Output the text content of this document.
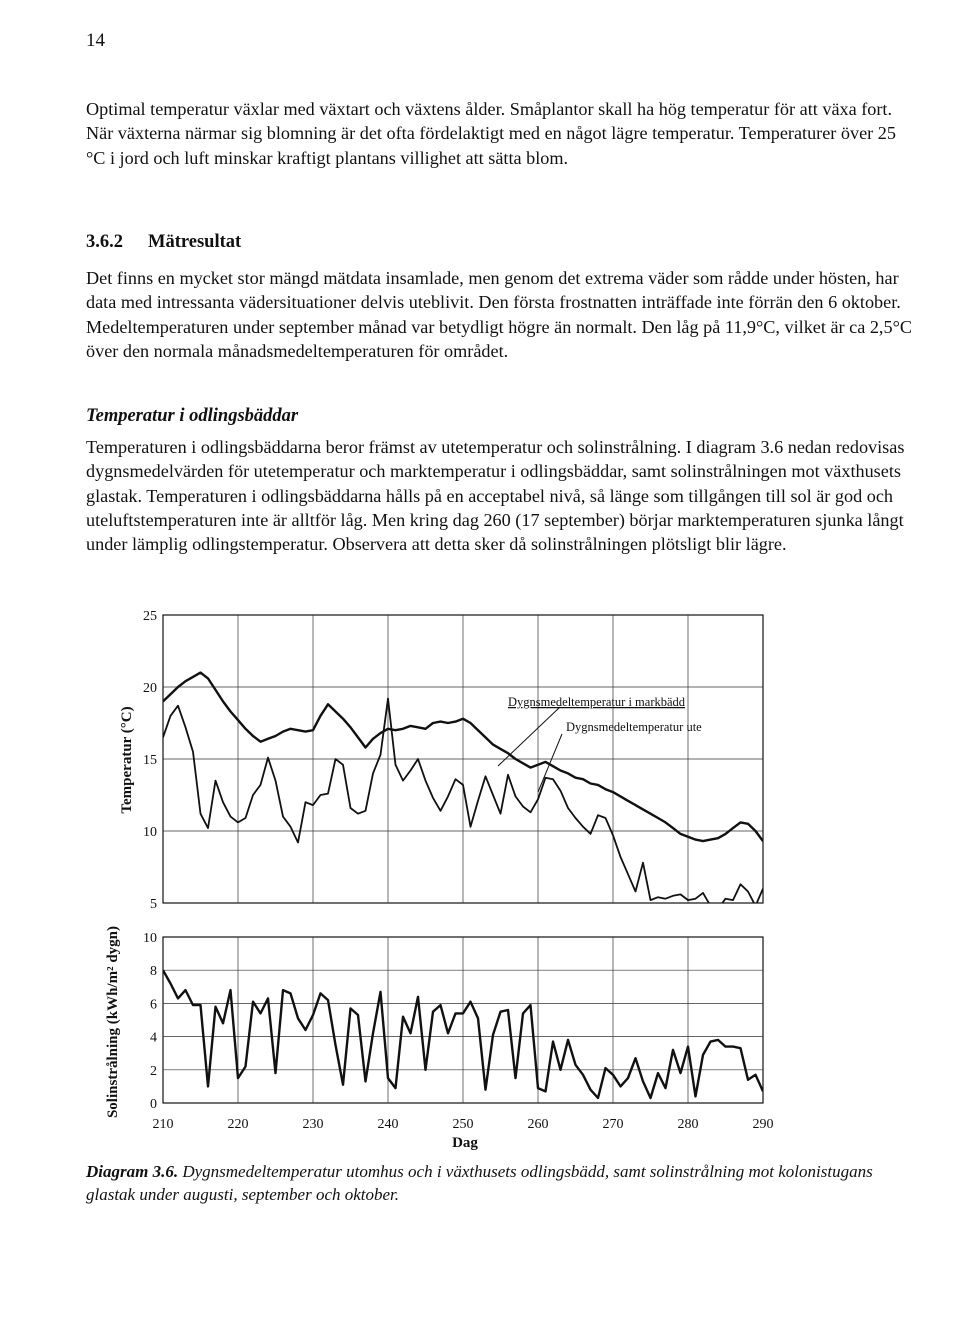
14

Optimal temperatur växlar med växtart och växtens ålder. Småplantor skall ha hög temperatur för att växa fort. När växterna närmar sig blomning är det ofta fördelaktigt med en något lägre temperatur. Temperaturer över 25 °C i jord och luft minskar kraftigt plantans villighet att sätta blom.

3.6.2 Mätresultat

Det finns en mycket stor mängd mätdata insamlade, men genom det extrema väder som rådde under hösten, har data med intressanta vädersituationer delvis uteblivit. Den första frostnatten inträffade inte förrän den 6 oktober. Medeltemperaturen under september månad var betydligt högre än normalt. Den låg på 11,9°C, vilket är ca 2,5°C över den normala månadsmedeltemperaturen för området.

Temperatur i odlingsbäddar

Temperaturen i odlingsbäddarna beror främst av utetemperatur och solinstrålning. I diagram 3.6 nedan redovisas dygnsmedelvärden för utetemperatur och marktemperatur i odlingsbäddar, samt solinstrålningen mot växthusets glastak. Temperaturen i odlingsbäddarna hålls på en acceptabel nivå, så länge som tillgången till sol är god och uteluftstemperaturen inte är alltför låg. Men kring dag 260 (17 september) börjar marktemperaturen sjunka långt under lämplig odlingstemperatur. Observera att detta sker då solinstrålningen plötsligt blir lägre.

5
10
15
20
25
Temperatur (°C)
Dygnsmedeltemperatur i markbädd
Dygnsmedeltemperatur ute
0
2
4
6
8
10
210	220	230	240	250	260	270	280	290
Solinstrålning (kWh/m² dygn)
Dag
Diagram 3.6. Dygnsmedeltemperatur utomhus och i växthusets odlingsbädd, samt solinstrålning mot kolonistugans glastak under augusti, september och oktober.
